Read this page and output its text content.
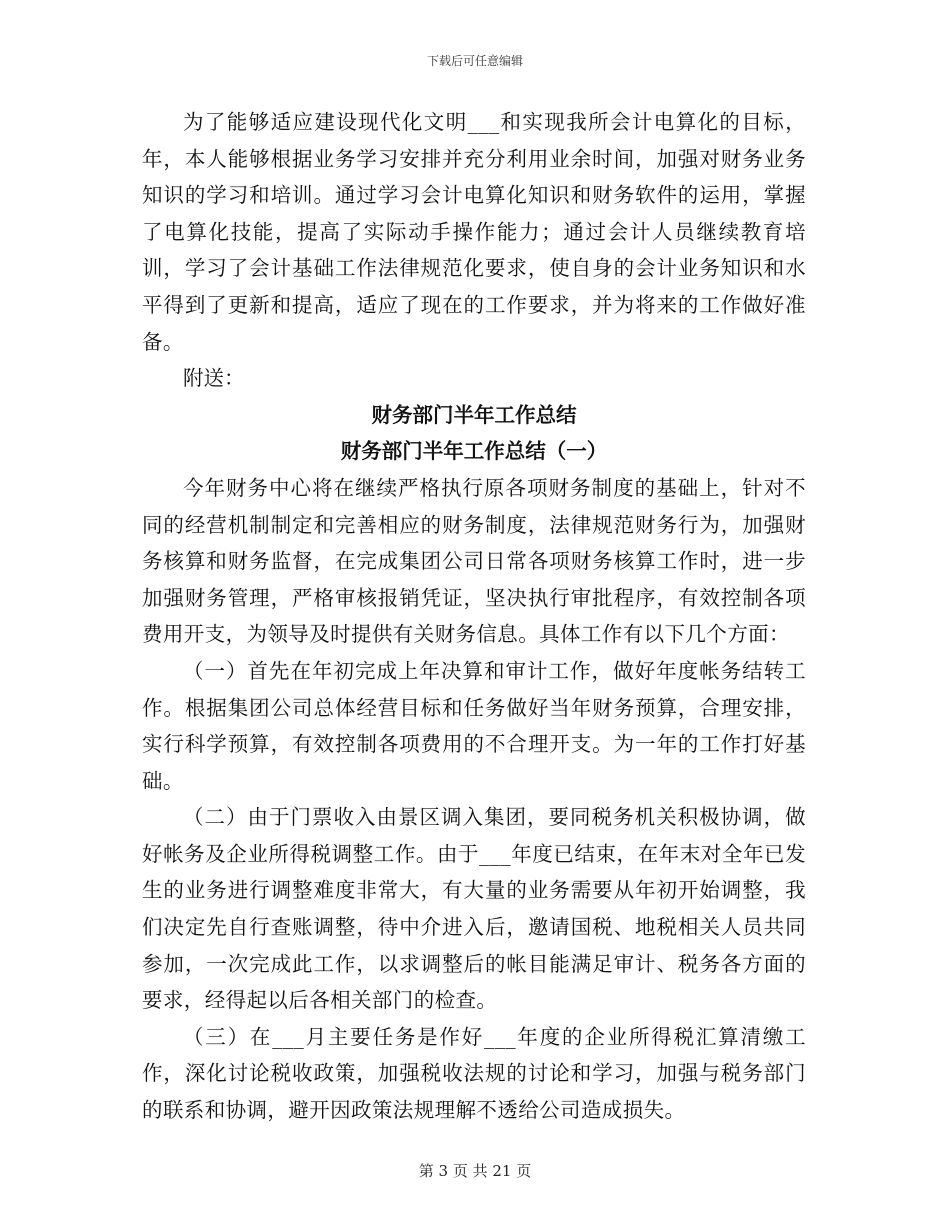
下载后可任意编辑

为了能够适应建设现代化文明___和实现我所会计电算化的目标，年，本人能够根据业务学习安排并充分利用业余时间，加强对财务业务知识的学习和培训。通过学习会计电算化知识和财务软件的运用，掌握了电算化技能，提高了实际动手操作能力；通过会计人员继续教育培训，学习了会计基础工作法律规范化要求，使自身的会计业务知识和水平得到了更新和提高，适应了现在的工作要求，并为将来的工作做好准备。

附送：

财务部门半年工作总结

财务部门半年工作总结（一）

今年财务中心将在继续严格执行原各项财务制度的基础上，针对不同的经营机制制定和完善相应的财务制度，法律规范财务行为，加强财务核算和财务监督，在完成集团公司日常各项财务核算工作时，进一步加强财务管理，严格审核报销凭证，坚决执行审批程序，有效控制各项费用开支，为领导及时提供有关财务信息。具体工作有以下几个方面：

（一）首先在年初完成上年决算和审计工作，做好年度帐务结转工作。根据集团公司总体经营目标和任务做好当年财务预算，合理安排，实行科学预算，有效控制各项费用的不合理开支。为一年的工作打好基础。

（二）由于门票收入由景区调入集团，要同税务机关积极协调，做好帐务及企业所得税调整工作。由于___年度已结束，在年末对全年已发生的业务进行调整难度非常大，有大量的业务需要从年初开始调整，我们决定先自行查账调整，待中介进入后，邀请国税、地税相关人员共同参加，一次完成此工作，以求调整后的帐目能满足审计、税务各方面的要求，经得起以后各相关部门的检查。

（三）在___月主要任务是作好___年度的企业所得税汇算清缴工作，深化讨论税收政策，加强税收法规的讨论和学习，加强与税务部门的联系和协调，避开因政策法规理解不透给公司造成损失。

第 3 页 共 21 页
